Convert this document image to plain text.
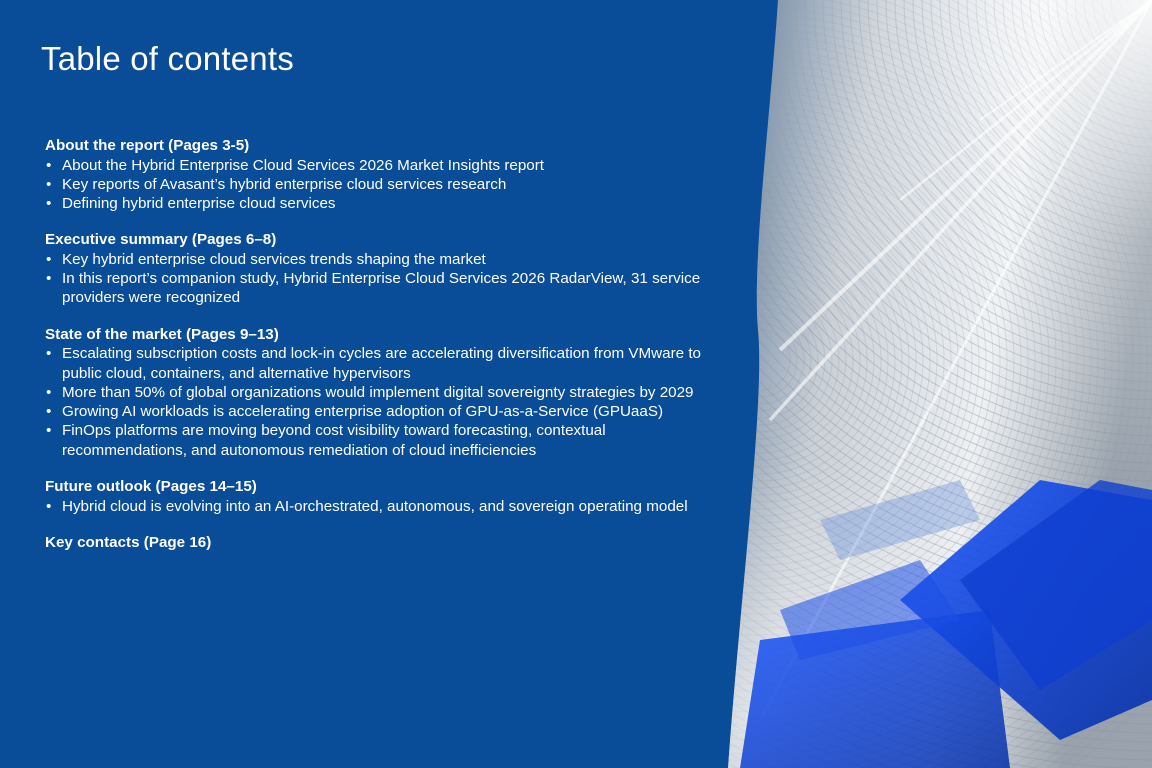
Table of contents
About the report (Pages 3-5)
• About the Hybrid Enterprise Cloud Services 2026 Market Insights report
• Key reports of Avasant’s hybrid enterprise cloud services research
• Defining hybrid enterprise cloud services
Executive summary (Pages 6–8)
• Key hybrid enterprise cloud services trends shaping the market
• In this report’s companion study, Hybrid Enterprise Cloud Services 2026 RadarView, 31 service providers were recognized
State of the market (Pages 9–13)
• Escalating subscription costs and lock-in cycles are accelerating diversification from VMware to public cloud, containers, and alternative hypervisors
• More than 50% of global organizations would implement digital sovereignty strategies by 2029
• Growing AI workloads is accelerating enterprise adoption of GPU-as-a-Service (GPUaaS)
• FinOps platforms are moving beyond cost visibility toward forecasting, contextual recommendations, and autonomous remediation of cloud inefficiencies
Future outlook (Pages 14–15)
• Hybrid cloud is evolving into an AI-orchestrated, autonomous, and sovereign operating model
Key contacts (Page 16)
